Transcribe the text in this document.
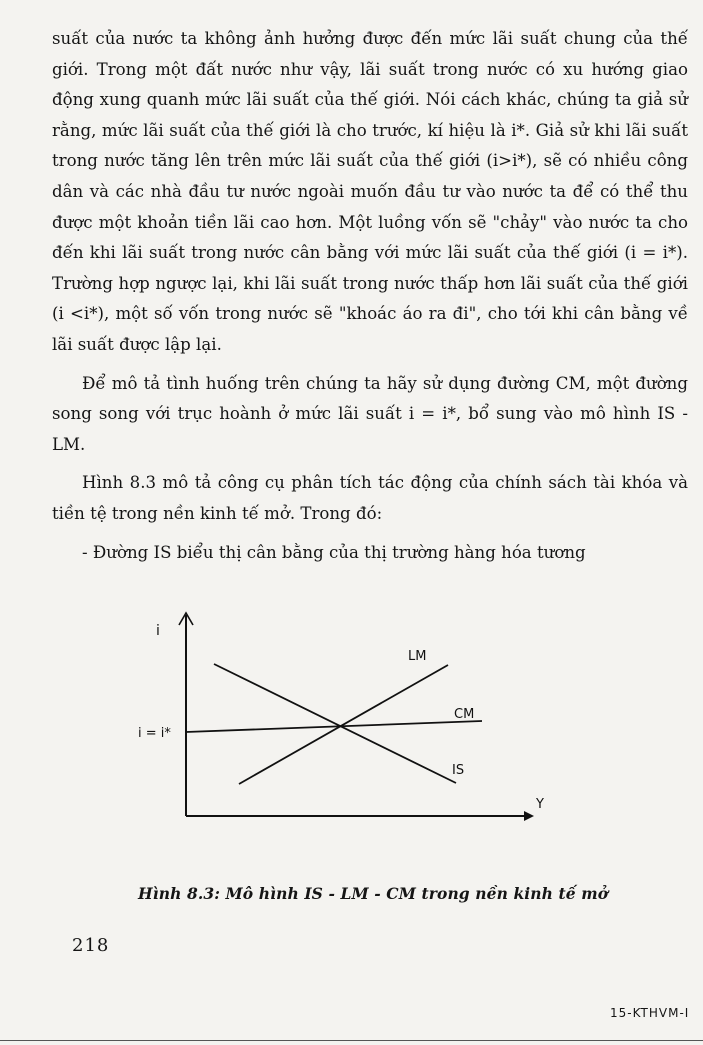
suất của nước ta không ảnh hưởng được đến mức lãi suất chung của thế giới. Trong một đất nước như vậy, lãi suất trong nước có xu hướng giao động xung quanh mức lãi suất của thế giới. Nói cách khác, chúng ta giả sử rằng, mức lãi suất của thế giới là cho trước, kí hiệu là i*. Giả sử khi lãi suất trong nước tăng lên trên mức lãi suất của thế giới (i>i*), sẽ có nhiều công dân và các nhà đầu tư nước ngoài muốn đầu tư vào nước ta để có thể thu được một khoản tiền lãi cao hơn. Một luồng vốn sẽ "chảy" vào nước ta cho đến khi lãi suất trong nước cân bằng với mức lãi suất của thế giới (i = i*). Trường hợp ngược lại, khi lãi suất trong nước thấp hơn lãi suất của thế giới (i <i*), một số vốn trong nước sẽ "khoác áo ra đi", cho tới khi cân bằng về lãi suất được lập lại.

Để mô tả tình huống trên chúng ta hãy sử dụng đường CM, một đường song song với trục hoành ở mức lãi suất i = i*, bổ sung vào mô hình IS - LM.

Hình 8.3 mô tả công cụ phân tích tác động của chính sách tài khóa và tiền tệ trong nền kinh tế mở. Trong đó:

- Đường IS biểu thị cân bằng của thị trường hàng hóa tương

i
Y
i = i*
LM
CM
IS
Hình 8.3: Mô hình IS - LM - CM trong nền kinh tế mở
218
15-KTHVM-I
